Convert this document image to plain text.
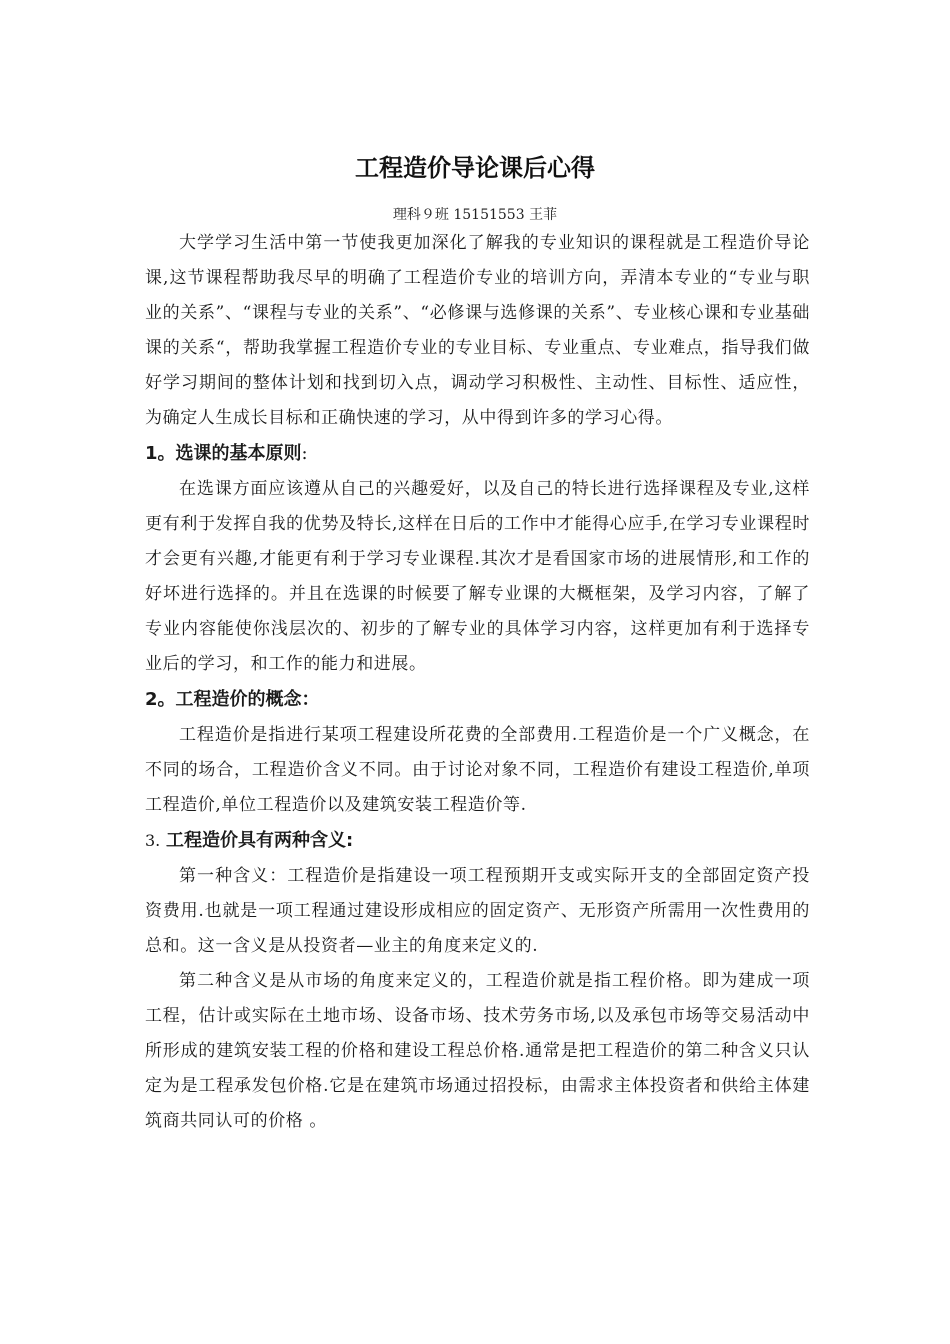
工程造价导论课后心得
理科９班 15151553 王菲

大学学习生活中第一节使我更加深化了解我的专业知识的课程就是工程造价导论课,这节课程帮助我尽早的明确了工程造价专业的培训方向，弄清本专业的“专业与职业的关系”、“课程与专业的关系”、“必修课与选修课的关系”、专业核心课和专业基础课的关系“，帮助我掌握工程造价专业的专业目标、专业重点、专业难点，指导我们做好学习期间的整体计划和找到切入点，调动学习积极性、主动性、目标性、适应性，为确定人生成长目标和正确快速的学习，从中得到许多的学习心得。

1。选课的基本原则:

在选课方面应该遵从自己的兴趣爱好，以及自己的特长进行选择课程及专业,这样更有利于发挥自我的优势及特长,这样在日后的工作中才能得心应手,在学习专业课程时才会更有兴趣,才能更有利于学习专业课程.其次才是看国家市场的进展情形,和工作的好坏进行选择的。并且在选课的时候要了解专业课的大概框架，及学习内容，了解了专业内容能使你浅层次的、初步的了解专业的具体学习内容，这样更加有利于选择专业后的学习，和工作的能力和进展。

2。工程造价的概念：

工程造价是指进行某项工程建设所花费的全部费用.工程造价是一个广义概念，在不同的场合，工程造价含义不同。由于讨论对象不同，工程造价有建设工程造价,单项工程造价,单位工程造价以及建筑安装工程造价等.

3. 工程造价具有两种含义:

第一种含义：工程造价是指建设一项工程预期开支或实际开支的全部固定资产投资费用.也就是一项工程通过建设形成相应的固定资产、无形资产所需用一次性费用的总和。这一含义是从投资者—业主的角度来定义的.

第二种含义是从市场的角度来定义的，工程造价就是指工程价格。即为建成一项工程，估计或实际在土地市场、设备市场、技术劳务市场,以及承包市场等交易活动中所形成的建筑安装工程的价格和建设工程总价格.通常是把工程造价的第二种含义只认定为是工程承发包价格.它是在建筑市场通过招投标，由需求主体投资者和供给主体建筑商共同认可的价格 。
